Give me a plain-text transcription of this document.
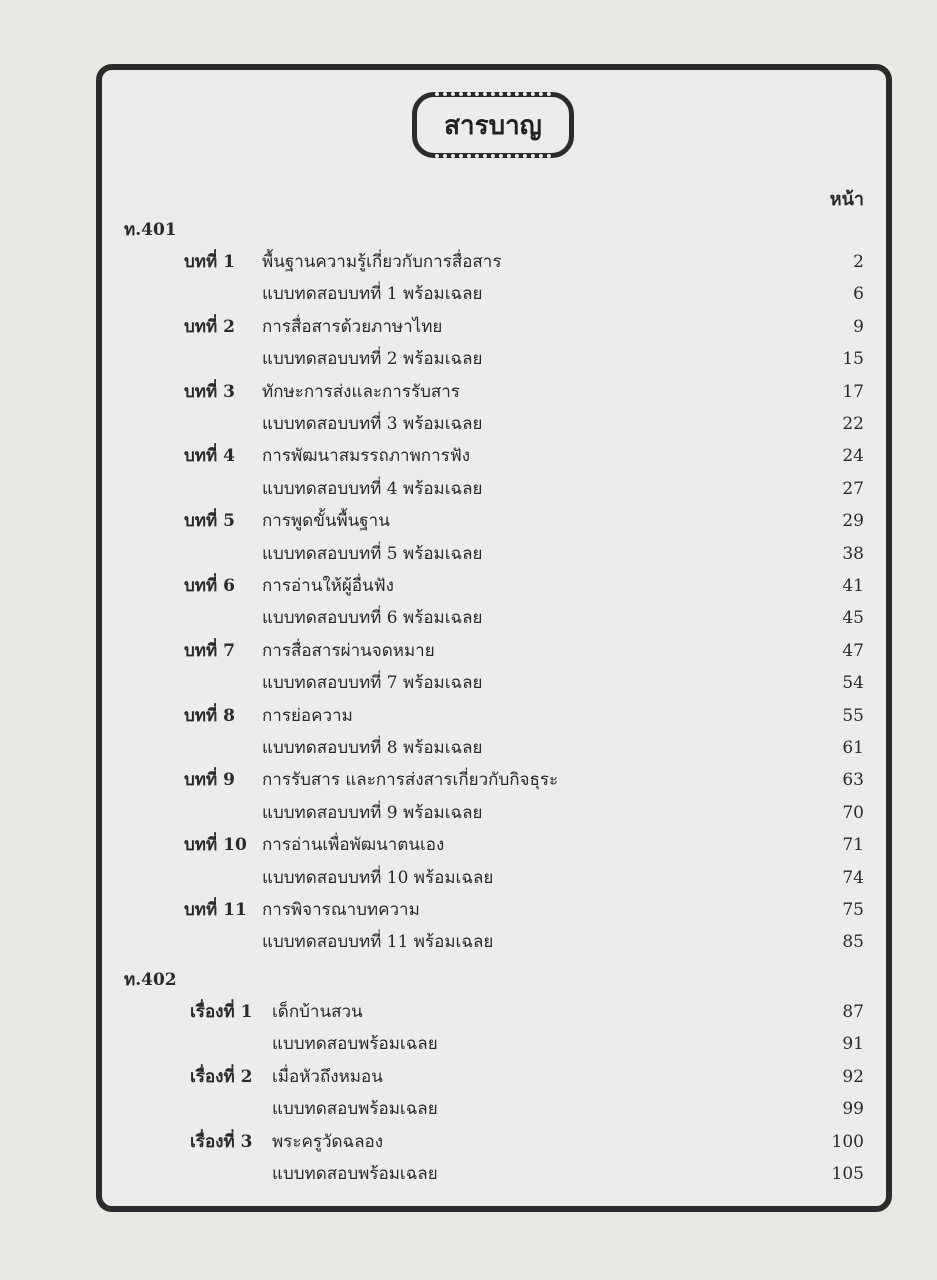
สารบาญ
หน้า
ท.401
บทที่ 1 พื้นฐานความรู้เกี่ยวกับการสื่อสาร	2
แบบทดสอบบทที่ 1 พร้อมเฉลย	6
บทที่ 2 การสื่อสารด้วยภาษาไทย	9
แบบทดสอบบทที่ 2 พร้อมเฉลย	15
บทที่ 3 ทักษะการส่งและการรับสาร	17
แบบทดสอบบทที่ 3 พร้อมเฉลย	22
บทที่ 4 การพัฒนาสมรรถภาพการฟัง	24
แบบทดสอบบทที่ 4 พร้อมเฉลย	27
บทที่ 5 การพูดขั้นพื้นฐาน	29
แบบทดสอบบทที่ 5 พร้อมเฉลย	38
บทที่ 6 การอ่านให้ผู้อื่นฟัง	41
แบบทดสอบบทที่ 6 พร้อมเฉลย	45
บทที่ 7 การสื่อสารผ่านจดหมาย	47
แบบทดสอบบทที่ 7 พร้อมเฉลย	54
บทที่ 8 การย่อความ	55
แบบทดสอบบทที่ 8 พร้อมเฉลย	61
บทที่ 9 การรับสาร และการส่งสารเกี่ยวกับกิจธุระ	63
แบบทดสอบบทที่ 9 พร้อมเฉลย	70
บทที่ 10 การอ่านเพื่อพัฒนาตนเอง	71
แบบทดสอบบทที่ 10 พร้อมเฉลย	74
บทที่ 11 การพิจารณาบทความ	75
แบบทดสอบบทที่ 11 พร้อมเฉลย	85
ท.402
เรื่องที่ 1 เด็กบ้านสวน	87
แบบทดสอบพร้อมเฉลย	91
เรื่องที่ 2 เมื่อหัวถึงหมอน	92
แบบทดสอบพร้อมเฉลย	99
เรื่องที่ 3 พระครูวัดฉลอง	100
แบบทดสอบพร้อมเฉลย	105
